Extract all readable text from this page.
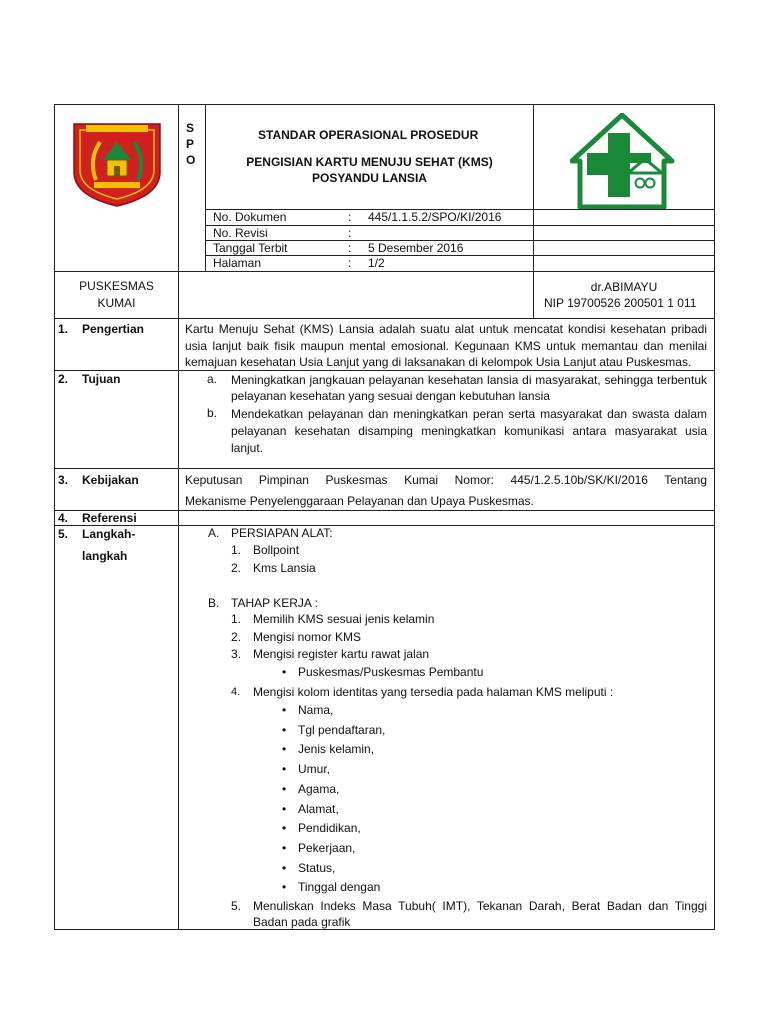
S
P
O
STANDAR OPERASIONAL PROSEDUR
PENGISIAN KARTU MENUJU SEHAT (KMS)
POSYANDU LANSIA
No. Dokumen	: 445/1.1.5.2/SPO/KI/2016
No. Revisi	:
Tanggal Terbit	: 5 Desember 2016
Halaman	: 1/2
PUSKESMAS
KUMAI
dr.ABIMAYU
NIP 19700526 200501 1 011
1. Pengertian	Kartu Menuju Sehat (KMS) Lansia adalah suatu alat untuk mencatat kondisi kesehatan pribadi usia lanjut baik fisik maupun mental emosional. Kegunaan KMS untuk memantau dan menilai kemajuan kesehatan Usia Lanjut yang di laksanakan di kelompok Usia Lanjut atau Puskesmas.
2. Tujuan	a. Meningkatkan jangkauan pelayanan kesehatan lansia di masyarakat, sehingga terbentuk pelayanan kesehatan yang sesuai dengan kebutuhan lansia
b. Mendekatkan pelayanan dan meningkatkan peran serta masyarakat dan swasta dalam pelayanan kesehatan disamping meningkatkan komunikasi antara masyarakat usia lanjut.
3. Kebijakan	Keputusan Pimpinan Puskesmas Kumai Nomor: 445/1.2.5.10b/SK/KI/2016 Tentang
Mekanisme Penyelenggaraan Pelayanan dan Upaya Puskesmas.
4. Referensi
5. Langkah-
langkah
A. PERSIAPAN ALAT:
1. Bollpoint
2. Kms Lansia
B. TAHAP KERJA :
1. Memilih KMS sesuai jenis kelamin
2. Mengisi nomor KMS
3. Mengisi register kartu rawat jalan
• Puskesmas/Puskesmas Pembantu
4. Mengisi kolom identitas yang tersedia pada halaman KMS meliputi :
• Nama,
• Tgl pendaftaran,
• Jenis kelamin,
• Umur,
• Agama,
• Alamat,
• Pendidikan,
• Pekerjaan,
• Status,
• Tinggal dengan
5. Menuliskan Indeks Masa Tubuh( IMT), Tekanan Darah, Berat Badan dan Tinggi
Badan pada grafik
